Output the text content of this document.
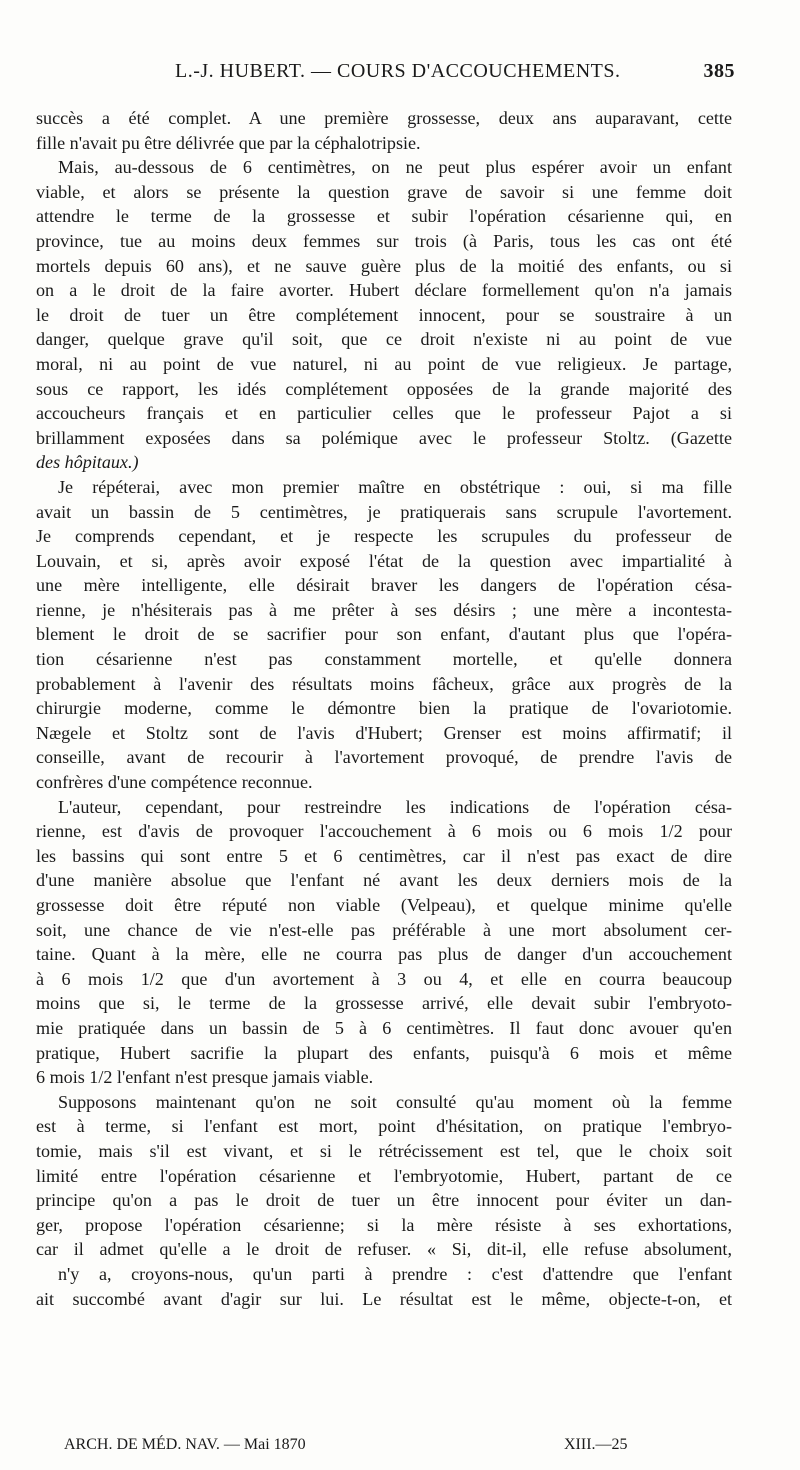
L.-J. HUBERT. — COURS D'ACCOUCHEMENTS.	385
succès a été complet. A une première grossesse, deux ans auparavant, cette
fille n'avait pu être délivrée que par la céphalotripsie.
Mais, au-dessous de 6 centimètres, on ne peut plus espérer avoir un enfant
viable, et alors se présente la question grave de savoir si une femme doit
attendre le terme de la grossesse et subir l'opération césarienne qui, en
province, tue au moins deux femmes sur trois (à Paris, tous les cas ont été
mortels depuis 60 ans), et ne sauve guère plus de la moitié des enfants, ou si
on a le droit de la faire avorter. Hubert déclare formellement qu'on n'a jamais
le droit de tuer un être complétement innocent, pour se soustraire à un
danger, quelque grave qu'il soit, que ce droit n'existe ni au point de vue
moral, ni au point de vue naturel, ni au point de vue religieux. Je partage,
sous ce rapport, les idés complétement opposées de la grande majorité des
accoucheurs français et en particulier celles que le professeur Pajot a si
brillamment exposées dans sa polémique avec le professeur Stoltz. (Gazette
des hôpitaux.)
Je répéterai, avec mon premier maître en obstétrique : oui, si ma fille
avait un bassin de 5 centimètres, je pratiquerais sans scrupule l'avortement.
Je comprends cependant, et je respecte les scrupules du professeur de
Louvain, et si, après avoir exposé l'état de la question avec impartialité à
une mère intelligente, elle désirait braver les dangers de l'opération césa-
rienne, je n'hésiterais pas à me prêter à ses désirs ; une mère a incontesta-
blement le droit de se sacrifier pour son enfant, d'autant plus que l'opéra-
tion césarienne n'est pas constamment mortelle, et qu'elle donnera
probablement à l'avenir des résultats moins fâcheux, grâce aux progrès de la
chirurgie moderne, comme le démontre bien la pratique de l'ovariotomie.
Nægele et Stoltz sont de l'avis d'Hubert; Grenser est moins affirmatif; il
conseille, avant de recourir à l'avortement provoqué, de prendre l'avis de
confrères d'une compétence reconnue.
L'auteur, cependant, pour restreindre les indications de l'opération césa-
rienne, est d'avis de provoquer l'accouchement à 6 mois ou 6 mois 1/2 pour
les bassins qui sont entre 5 et 6 centimètres, car il n'est pas exact de dire
d'une manière absolue que l'enfant né avant les deux derniers mois de la
grossesse doit être réputé non viable (Velpeau), et quelque minime qu'elle
soit, une chance de vie n'est-elle pas préférable à une mort absolument cer-
taine. Quant à la mère, elle ne courra pas plus de danger d'un accouchement
à 6 mois 1/2 que d'un avortement à 3 ou 4, et elle en courra beaucoup
moins que si, le terme de la grossesse arrivé, elle devait subir l'embryoto-
mie pratiquée dans un bassin de 5 à 6 centimètres. Il faut donc avouer qu'en
pratique, Hubert sacrifie la plupart des enfants, puisqu'à 6 mois et même
6 mois 1/2 l'enfant n'est presque jamais viable.
Supposons maintenant qu'on ne soit consulté qu'au moment où la femme
est à terme, si l'enfant est mort, point d'hésitation, on pratique l'embryo-
tomie, mais s'il est vivant, et si le rétrécissement est tel, que le choix soit
limité entre l'opération césarienne et l'embryotomie, Hubert, partant de ce
principe qu'on a pas le droit de tuer un être innocent pour éviter un dan-
ger, propose l'opération césarienne; si la mère résiste à ses exhortations,
car il admet qu'elle a le droit de refuser. « Si, dit-il, elle refuse absolument,
n'y a, croyons-nous, qu'un parti à prendre : c'est d'attendre que l'enfant
ait succombé avant d'agir sur lui. Le résultat est le même, objecte-t-on, et
ARCH. DE MÉD. NAV. — Mai 1870	XIII.—25
